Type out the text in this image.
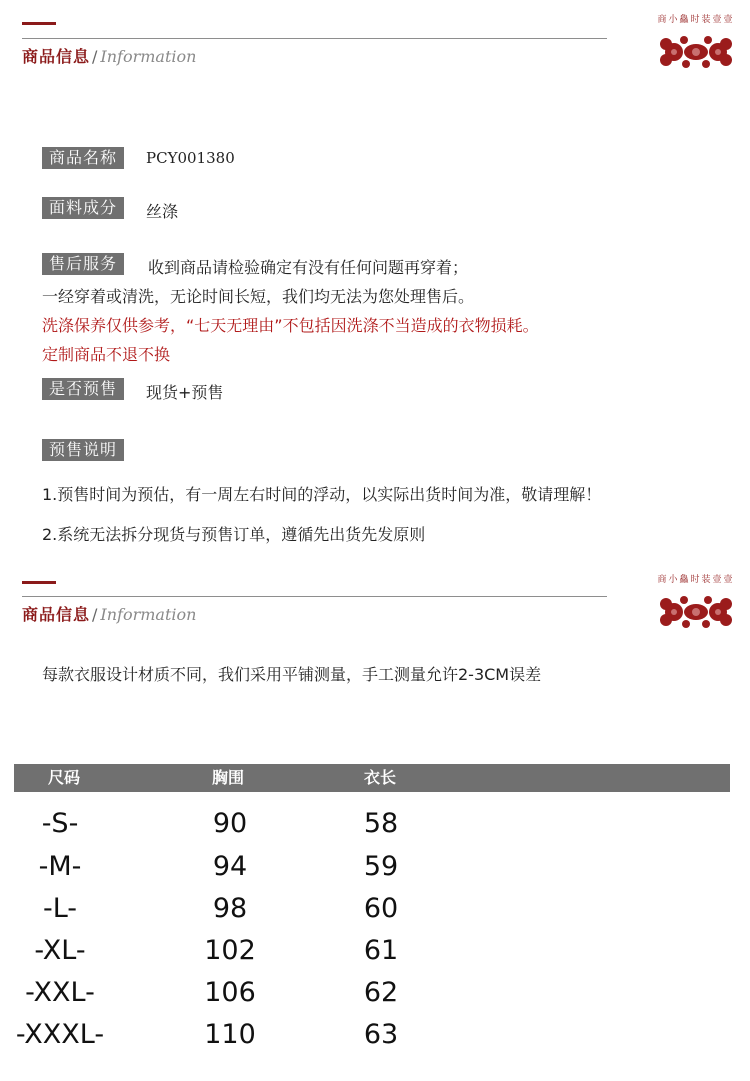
商品信息 / Information
商小鱻时装壹壹
商品名称	PCY001380
面料成分	丝涤
售后服务	收到商品请检验确定有没有任何问题再穿着；
一经穿着或清洗，无论时间长短，我们均无法为您处理售后。
洗涤保养仅供参考，“七天无理由”不包括因洗涤不当造成的衣物损耗。
定制商品不退不换
是否预售	现货+预售
预售说明
1.预售时间为预估，有一周左右时间的浮动，以实际出货时间为准，敬请理解！
2.系统无法拆分现货与预售订单，遵循先出货先发原则
商品信息 / Information
商小鱻时装壹壹
每款衣服设计材质不同，我们采用平铺测量，手工测量允许2-3CM误差
尺码	胸围	衣长
-S-	90	58
-M-	94	59
-L-	98	60
-XL-	102	61
-XXL-	106	62
-XXXL-	110	63
